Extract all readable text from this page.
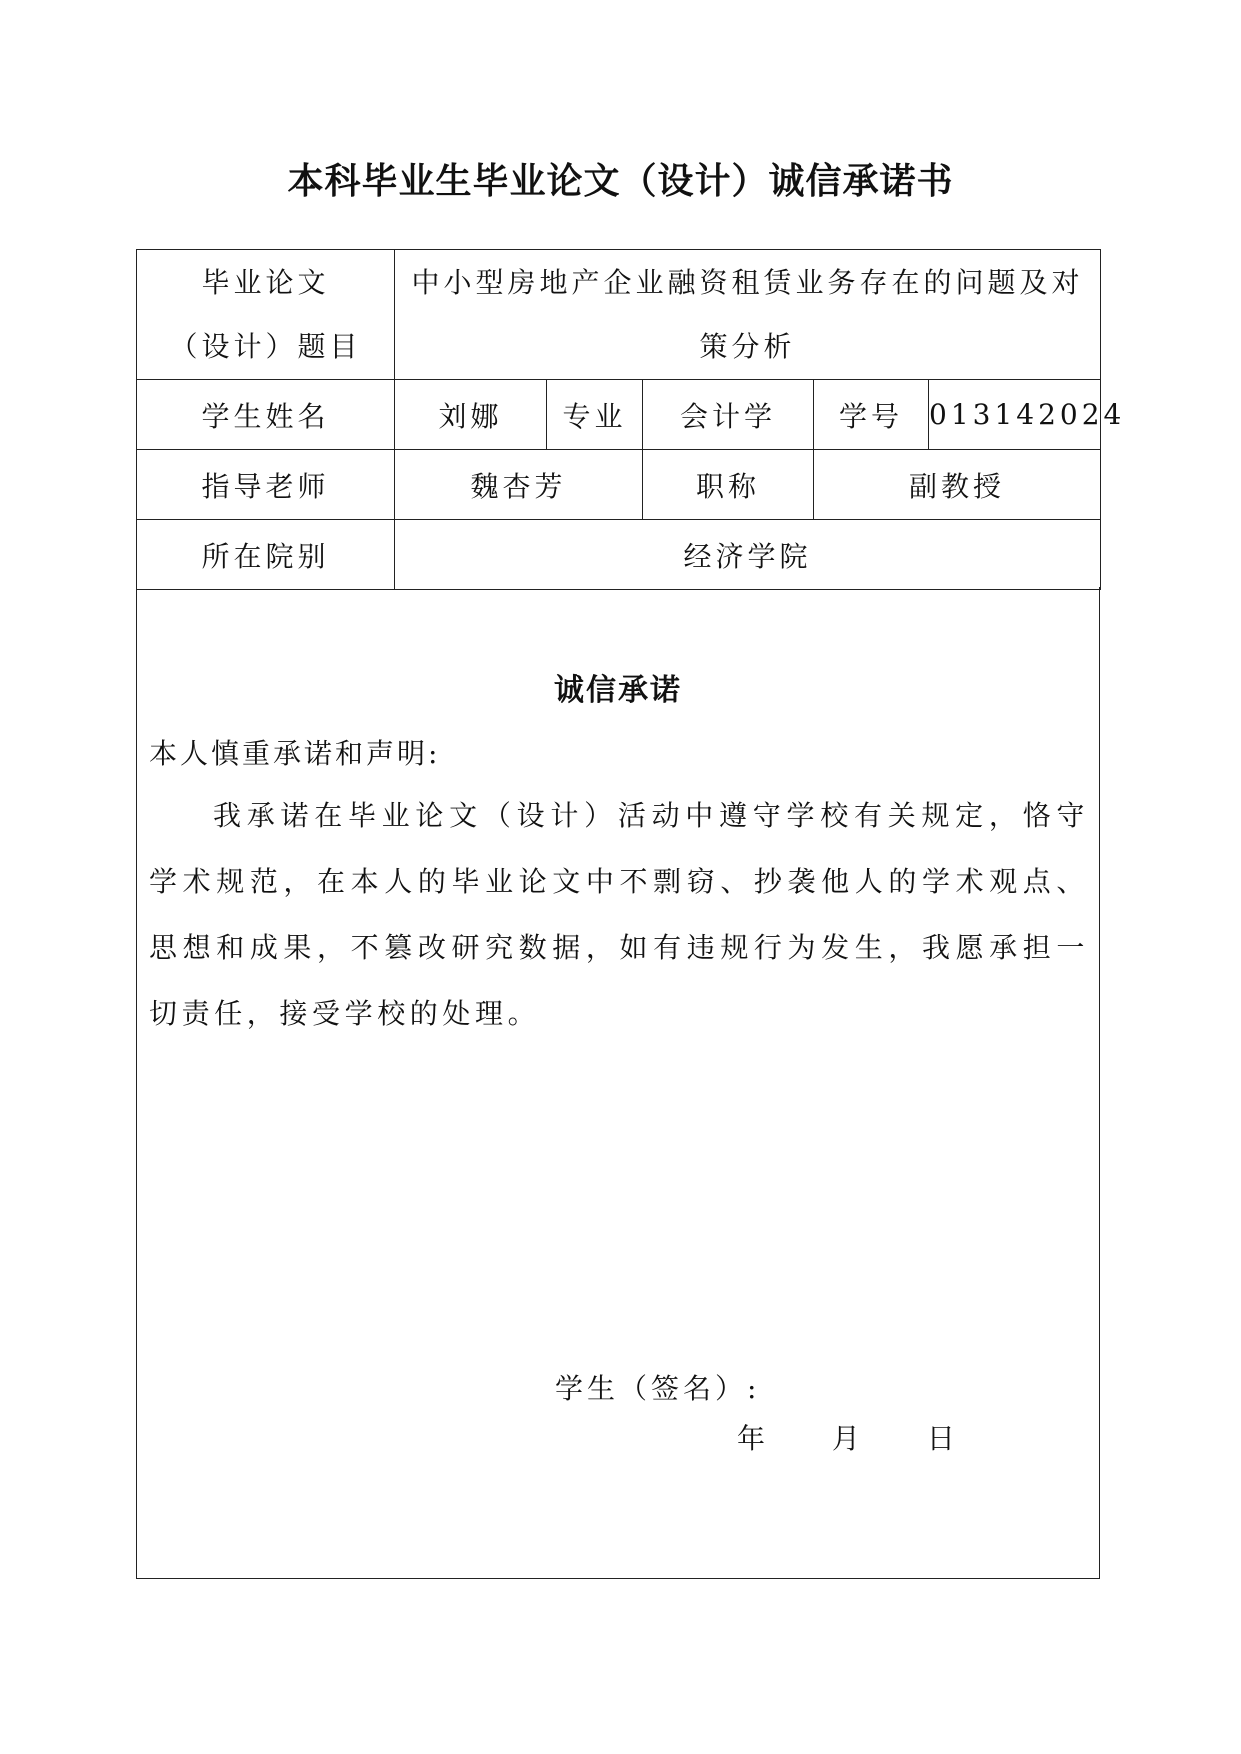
本科毕业生毕业论文（设计）诚信承诺书
毕业论文
（设计）题目	中小型房地产企业融资租赁业务存在的问题及对
策分析				

学生姓名	刘娜	专业	会计学	学号	013142024
指导老师	魏杏芳		职称	副教授	
所在院别	经济学院				
诚信承诺
本人慎重承诺和声明:
我承诺在毕业论文（设计）活动中遵守学校有关规定，恪守学术规范，在本人的毕业论文中不剽窃、抄袭他人的学术观点、思想和成果，不篡改研究数据，如有违规行为发生，我愿承担一切责任，接受学校的处理。
学生（签名）:
年 月 日
